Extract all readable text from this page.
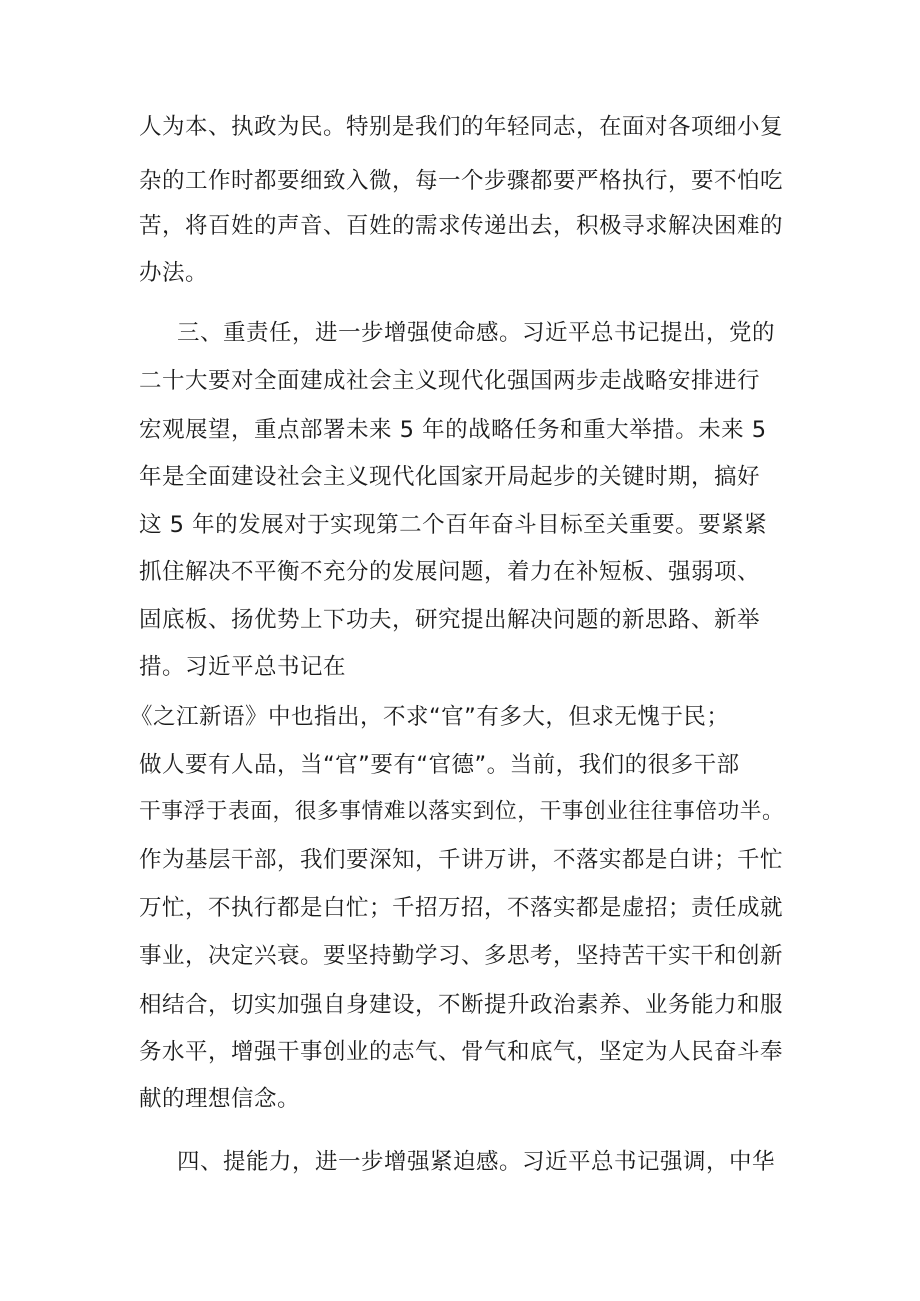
人为本、执政为民。特别是我们的年轻同志，在面对各项细小复
杂的工作时都要细致入微，每一个步骤都要严格执行，要不怕吃
苦，将百姓的声音、百姓的需求传递出去，积极寻求解决困难的
办法。
三、重责任，进一步增强使命感。习近平总书记提出，党的
二十大要对全面建成社会主义现代化强国两步走战略安排进行
宏观展望，重点部署未来 5 年的战略任务和重大举措。未来 5
年是全面建设社会主义现代化国家开局起步的关键时期，搞好
这 5 年的发展对于实现第二个百年奋斗目标至关重要。要紧紧
抓住解决不平衡不充分的发展问题，着力在补短板、强弱项、
固底板、扬优势上下功夫，研究提出解决问题的新思路、新举
措。习近平总书记在
《之江新语》中也指出，不求“官”有多大，但求无愧于民；
做人要有人品，当“官”要有“官德”。当前，我们的很多干部
干事浮于表面，很多事情难以落实到位，干事创业往往事倍功半。
作为基层干部，我们要深知，千讲万讲，不落实都是白讲；千忙
万忙，不执行都是白忙；千招万招，不落实都是虚招；责任成就
事业，决定兴衰。要坚持勤学习、多思考，坚持苦干实干和创新
相结合，切实加强自身建设，不断提升政治素养、业务能力和服
务水平，增强干事创业的志气、骨气和底气，坚定为人民奋斗奉
献的理想信念。
四、提能力，进一步增强紧迫感。习近平总书记强调，中华
